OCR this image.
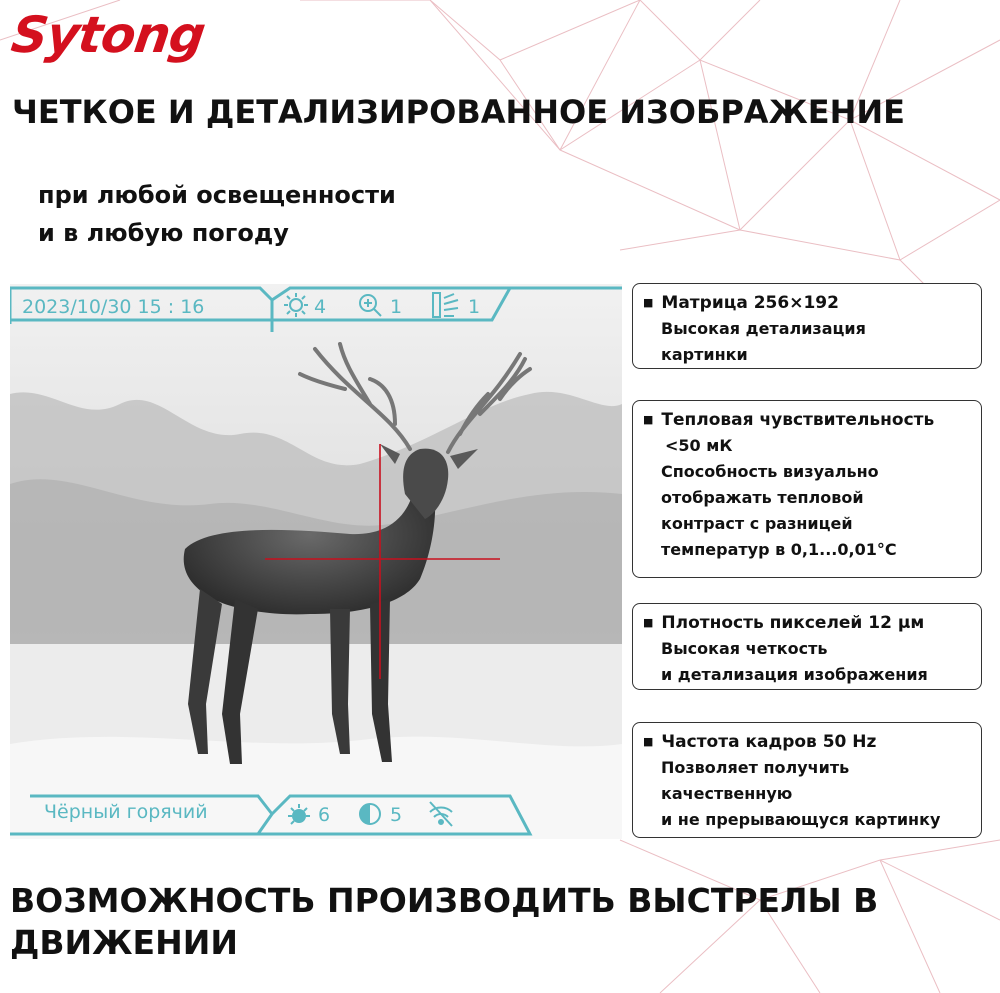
Sytong
ЧЕТКОЕ И ДЕТАЛИЗИРОВАННОЕ ИЗОБРАЖЕНИЕ
при любой освещенности
и в любую погоду
2023/10/30 15 : 16	4	1	1
Чёрный горячий	6	5
■ Матрица 256×192
Высокая детализация
картинки
■ Тепловая чувствительность
<50 мК
Способность визуально
отображать тепловой
контраст с разницей
температур в 0,1...0,01°C
■ Плотность пикселей 12 μм
Высокая четкость
и детализация изображения
■ Частота кадров 50 Hz
Позволяет получить
качественную
и не прерывающуся картинку
ВОЗМОЖНОСТЬ ПРОИЗВОДИТЬ ВЫСТРЕЛЫ В ДВИЖЕНИИ
